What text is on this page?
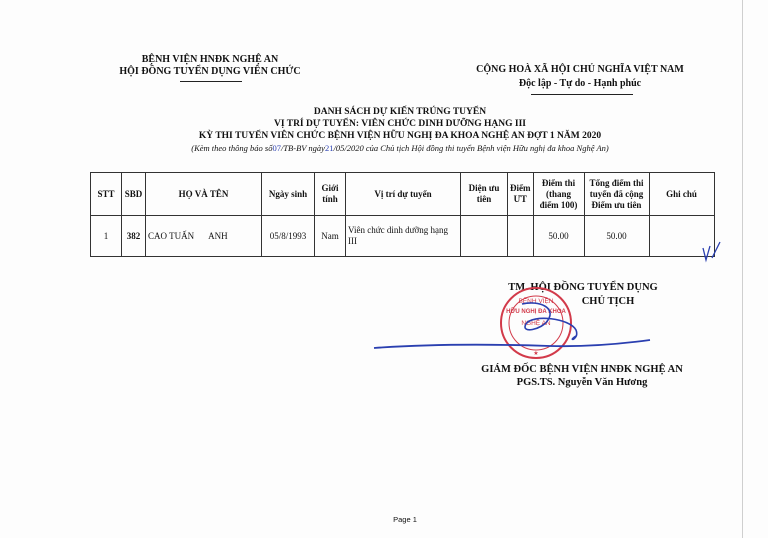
BỆNH VIỆN HNĐK NGHỆ AN
HỘI ĐỒNG TUYỂN DỤNG VIÊN CHỨC	CỘNG HOÀ XÃ HỘI CHỦ NGHĨA VIỆT NAM
Độc lập - Tự do - Hạnh phúc
DANH SÁCH DỰ KIẾN TRÚNG TUYỂN
VỊ TRÍ DỰ TUYỂN: VIÊN CHỨC DINH DƯỠNG HẠNG III
KỲ THI TUYỂN VIÊN CHỨC BỆNH VIỆN HỮU NGHỊ ĐA KHOA NGHỆ AN ĐỢT 1 NĂM 2020
(Kèm theo thông báo số07/TB-BV ngày21/05/2020 của Chủ tịch Hội đồng thi tuyển Bệnh viện Hữu nghị đa khoa Nghệ An)
STT	SBD	HỌ VÀ TÊN	Ngày sinh	Giới tính	Vị trí dự tuyển	Diện ưu tiên	Điểm ƯT	Điểm thi (thang điểm 100)	Tổng điểm thi tuyển đã cộng Điểm ưu tiên	Ghi chú
1	382	CAO TUẤN ANH	05/8/1993	Nam	Viên chức dinh dưỡng hạng III			50.00	50.00	
TM. HỘI ĐỒNG TUYỂN DỤNG
CHỦ TỊCH
★
BỆNH VIỆN
HỮU NGHỊ ĐA KHOA
NGHỆ AN
GIÁM ĐỐC BỆNH VIỆN HNĐK NGHỆ AN
PGS.TS. Nguyễn Văn Hương
Page 1
